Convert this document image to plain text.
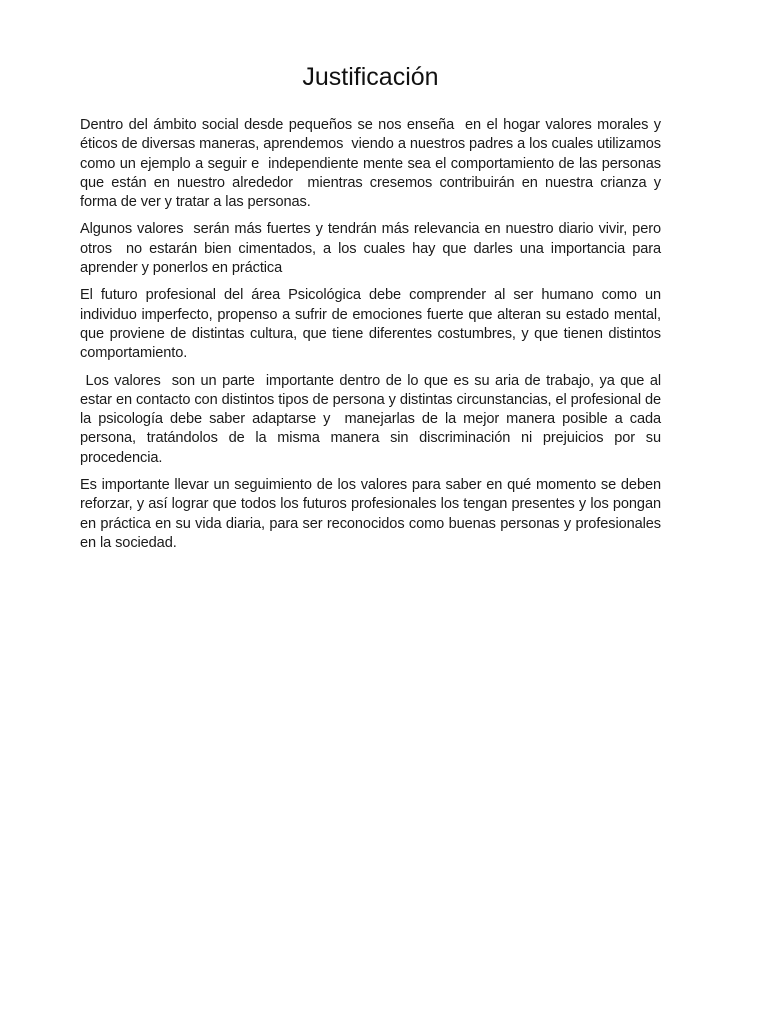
Justificación

Dentro del ámbito social desde pequeños se nos enseña  en el hogar valores morales y éticos de diversas maneras, aprendemos  viendo a nuestros padres a los cuales utilizamos como un ejemplo a seguir e  independiente mente sea el comportamiento de las personas que están en nuestro alrededor  mientras cresemos contribuirán en nuestra crianza y forma de ver y tratar a las personas.

Algunos valores  serán más fuertes y tendrán más relevancia en nuestro diario vivir, pero otros  no estarán bien cimentados, a los cuales hay que darles una importancia para aprender y ponerlos en práctica

El futuro profesional del área Psicológica debe comprender al ser humano como un individuo imperfecto, propenso a sufrir de emociones fuerte que alteran su estado mental, que proviene de distintas cultura, que tiene diferentes costumbres, y que tienen distintos  comportamiento.

Los valores  son un parte  importante dentro de lo que es su aria de trabajo, ya que al estar en contacto con distintos tipos de persona y distintas circunstancias, el profesional de la psicología debe saber adaptarse y  manejarlas de la mejor manera posible a cada persona, tratándolos de la misma manera sin discriminación ni prejuicios por su procedencia.

Es importante llevar un seguimiento de los valores para saber en qué momento se deben reforzar, y así lograr que todos los futuros profesionales los tengan presentes y los pongan en práctica en su vida diaria, para ser reconocidos como buenas personas y profesionales  en la sociedad.
